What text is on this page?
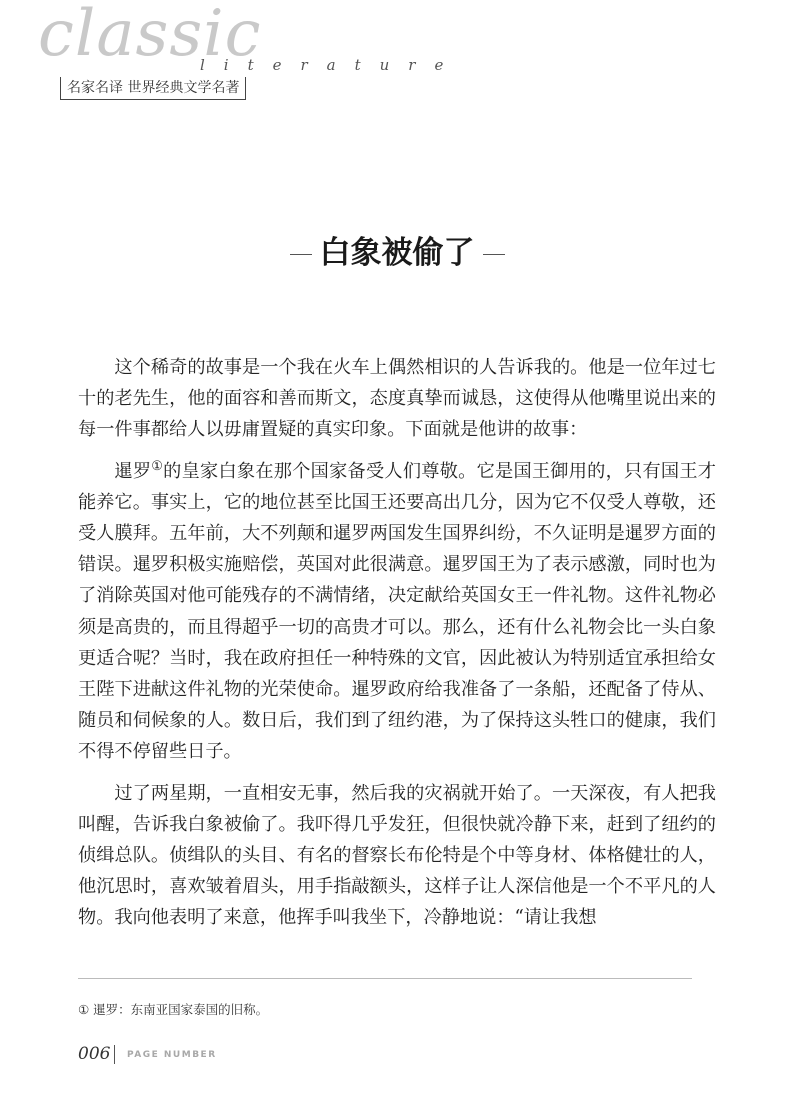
classic
literature
名家名译 世界经典文学名著
白象被偷了

这个稀奇的故事是一个我在火车上偶然相识的人告诉我的。他是一位年过七十的老先生，他的面容和善而斯文，态度真挚而诚恳，这使得从他嘴里说出来的每一件事都给人以毋庸置疑的真实印象。下面就是他讲的故事：

暹罗①的皇家白象在那个国家备受人们尊敬。它是国王御用的，只有国王才能养它。事实上，它的地位甚至比国王还要高出几分，因为它不仅受人尊敬，还受人膜拜。五年前，大不列颠和暹罗两国发生国界纠纷，不久证明是暹罗方面的错误。暹罗积极实施赔偿，英国对此很满意。暹罗国王为了表示感激，同时也为了消除英国对他可能残存的不满情绪，决定献给英国女王一件礼物。这件礼物必须是高贵的，而且得超乎一切的高贵才可以。那么，还有什么礼物会比一头白象更适合呢？当时，我在政府担任一种特殊的文官，因此被认为特别适宜承担给女王陛下进献这件礼物的光荣使命。暹罗政府给我准备了一条船，还配备了侍从、随员和伺候象的人。数日后，我们到了纽约港，为了保持这头牲口的健康，我们不得不停留些日子。

过了两星期，一直相安无事，然后我的灾祸就开始了。一天深夜，有人把我叫醒，告诉我白象被偷了。我吓得几乎发狂，但很快就冷静下来，赶到了纽约的侦缉总队。侦缉队的头目、有名的督察长布伦特是个中等身材、体格健壮的人，他沉思时，喜欢皱着眉头，用手指敲额头，这样子让人深信他是一个不平凡的人物。我向他表明了来意，他挥手叫我坐下，冷静地说：“请让我想

① 暹罗：东南亚国家泰国的旧称。
006 PAGE NUMBER
